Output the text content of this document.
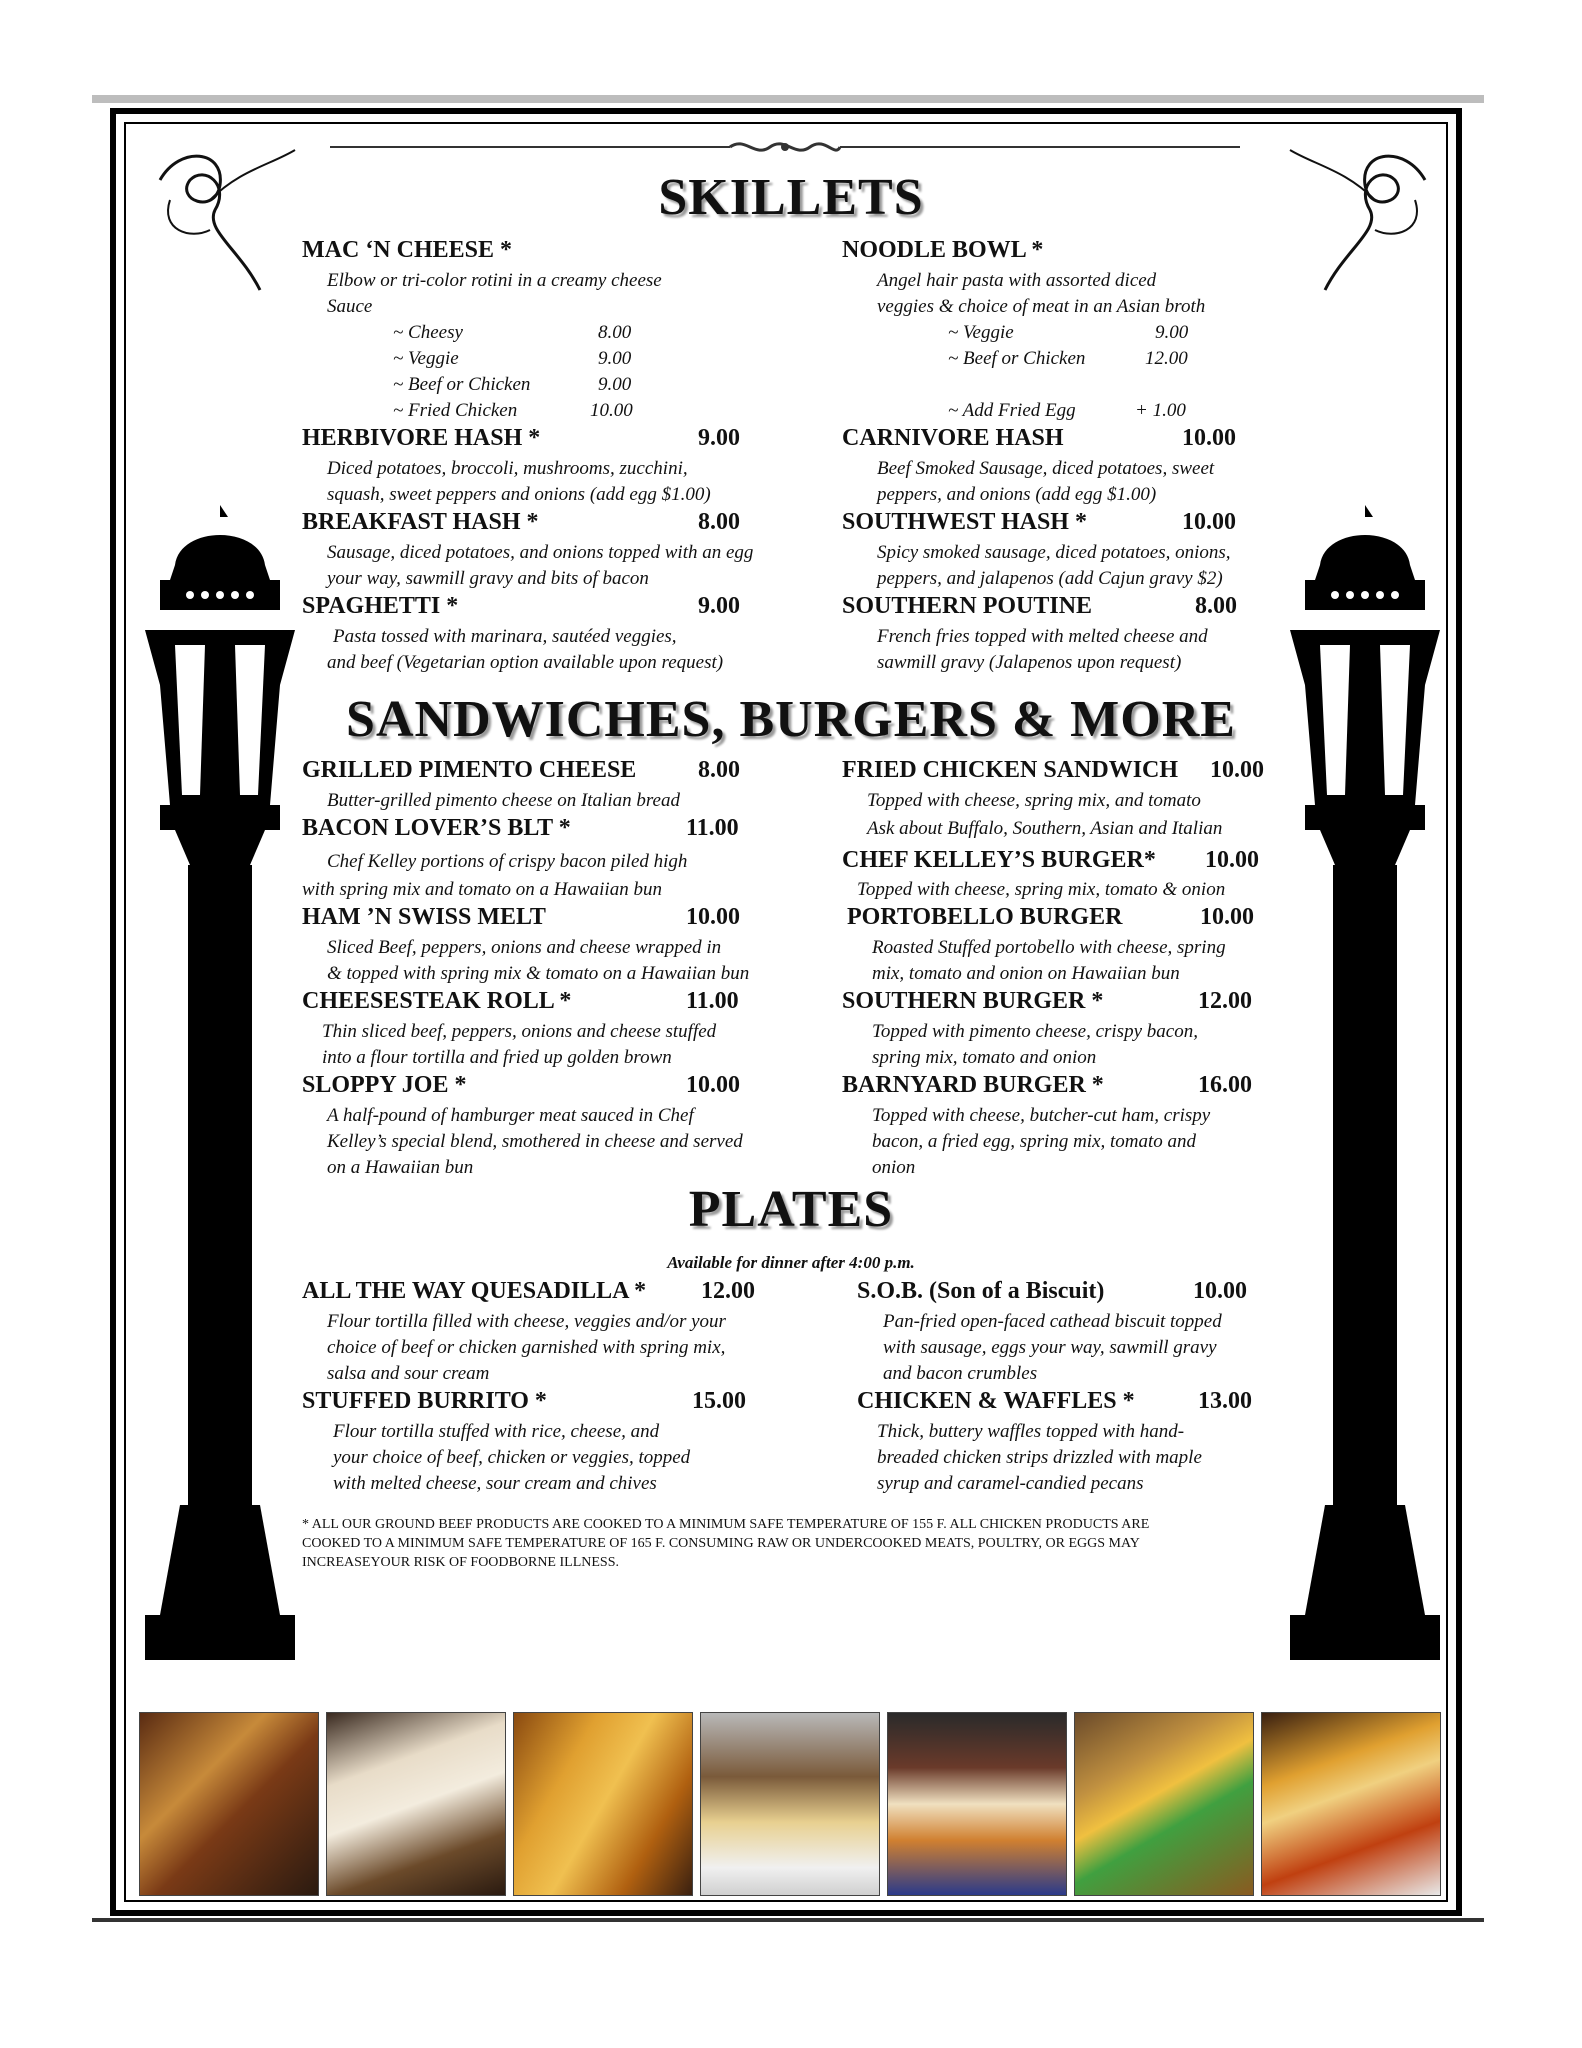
SKILLETS
MAC ‘N CHEESE *
Elbow or tri-color rotini in a creamy cheese
Sauce
~ Cheesy	8.00
~ Veggie	9.00
~ Beef or Chicken	9.00
~ Fried Chicken	10.00
NOODLE BOWL *
Angel hair pasta with assorted diced
veggies & choice of meat in an Asian broth
~ Veggie	9.00
~ Beef or Chicken	12.00
~ Add Fried Egg	+ 1.00
HERBIVORE HASH *	9.00
Diced potatoes, broccoli, mushrooms, zucchini,
squash, sweet peppers and onions (add egg $1.00)
CARNIVORE HASH	10.00
Beef Smoked Sausage, diced potatoes, sweet
peppers, and onions (add egg $1.00)
BREAKFAST HASH *	8.00
Sausage, diced potatoes, and onions topped with an egg
your way, sawmill gravy and bits of bacon
SOUTHWEST HASH *	10.00
Spicy smoked sausage, diced potatoes, onions,
peppers, and jalapenos (add Cajun gravy $2)
SPAGHETTI *	9.00
Pasta tossed with marinara, sautéed veggies,
and beef (Vegetarian option available upon request)
SOUTHERN POUTINE	8.00
French fries topped with melted cheese and
sawmill gravy (Jalapenos upon request)
SANDWICHES, BURGERS & MORE
GRILLED PIMENTO CHEESE	8.00
Butter-grilled pimento cheese on Italian bread
FRIED CHICKEN SANDWICH 10.00
Topped with cheese, spring mix, and tomato
Ask about Buffalo, Southern, Asian and Italian
BACON LOVER’S BLT *	11.00
Chef Kelley portions of crispy bacon piled high
with spring mix and tomato on a Hawaiian bun
CHEF KELLEY’S BURGER* 10.00
Topped with cheese, spring mix, tomato & onion
HAM ’N SWISS MELT	10.00
Sliced Beef, peppers, onions and cheese wrapped in
& topped with spring mix & tomato on a Hawaiian bun
PORTOBELLO BURGER	10.00
Roasted Stuffed portobello with cheese, spring
mix, tomato and onion on Hawaiian bun
CHEESESTEAK ROLL *	11.00
Thin sliced beef, peppers, onions and cheese stuffed
into a flour tortilla and fried up golden brown
SOUTHERN BURGER *	12.00
Topped with pimento cheese, crispy bacon,
spring mix, tomato and onion
SLOPPY JOE *	10.00
A half-pound of hamburger meat sauced in Chef
Kelley’s special blend, smothered in cheese and served
on a Hawaiian bun
BARNYARD BURGER *	16.00
Topped with cheese, butcher-cut ham, crispy
bacon, a fried egg, spring mix, tomato and
onion
PLATES
Available for dinner after 4:00 p.m.
ALL THE WAY QUESADILLA * 12.00
Flour tortilla filled with cheese, veggies and/or your
choice of beef or chicken garnished with spring mix,
salsa and sour cream
S.O.B. (Son of a Biscuit)	10.00
Pan-fried open-faced cathead biscuit topped
with sausage, eggs your way, sawmill gravy
and bacon crumbles
STUFFED BURRITO *	15.00
Flour tortilla stuffed with rice, cheese, and
your choice of beef, chicken or veggies, topped
with melted cheese, sour cream and chives
CHICKEN & WAFFLES *	13.00
Thick, buttery waffles topped with hand-
breaded chicken strips drizzled with maple
syrup and caramel-candied pecans
* ALL OUR GROUND BEEF PRODUCTS ARE COOKED TO A MINIMUM SAFE TEMPERATURE OF 155 F. ALL CHICKEN PRODUCTS ARE
COOKED TO A MINIMUM SAFE TEMPERATURE OF 165 F. CONSUMING RAW OR UNDERCOOKED MEATS, POULTRY, OR EGGS MAY
INCREASEYOUR RISK OF FOODBORNE ILLNESS.
